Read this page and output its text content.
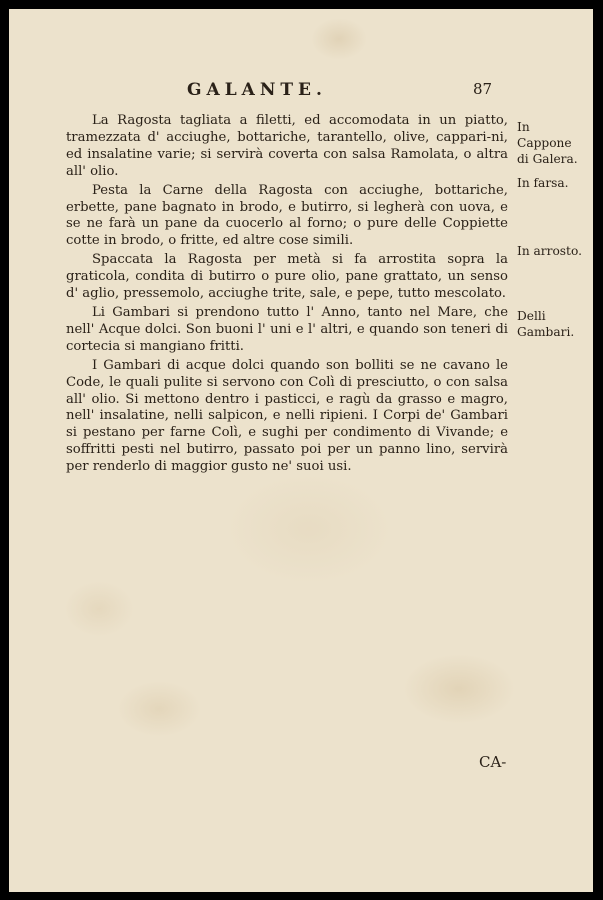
GALANTE.	87

La Ragosta tagliata a filetti, ed accomodata in un piatto, tramezzata d' acciughe, bottariche, tarantello, olive, cappari-ni, ed insalatine varie; si servirà coverta con salsa Ramolata, o altra all' olio.

Pesta la Carne della Ragosta con acciughe, bottariche, erbette, pane bagnato in brodo, e butirro, si legherà con uova, e se ne farà un pane da cuocerlo al forno; o pure delle Coppiette cotte in brodo, o fritte, ed altre cose simili.

Spaccata la Ragosta per metà si fa arrostita sopra la graticola, condita di butirro o pure olio, pane grattato, un senso d' aglio, pressemolo, acciughe trite, sale, e pepe, tutto mescolato.

Li Gambari si prendono tutto l' Anno, tanto nel Mare, che nell' Acque dolci. Son buoni l' uni e l' altri, e quando son teneri di cortecia si mangiano fritti.

I Gambari di acque dolci quando son bolliti se ne cavano le Code, le quali pulite si servono con Colì di presciutto, o con salsa all' olio. Si mettono dentro i pasticci, e ragù da grasso e magro, nell' insalatine, nelli salpicon, e nelli ripieni. I Corpi de' Gambari si pestano per farne Colì, e sughi per condimento di Vivande; e soffritti pesti nel butirro, passato poi per un panno lino, servirà per renderlo di maggior gusto ne' suoi usi.

In Cappone di Galera.
In farsa.
In arrosto.
Delli Gambari.
CA-
